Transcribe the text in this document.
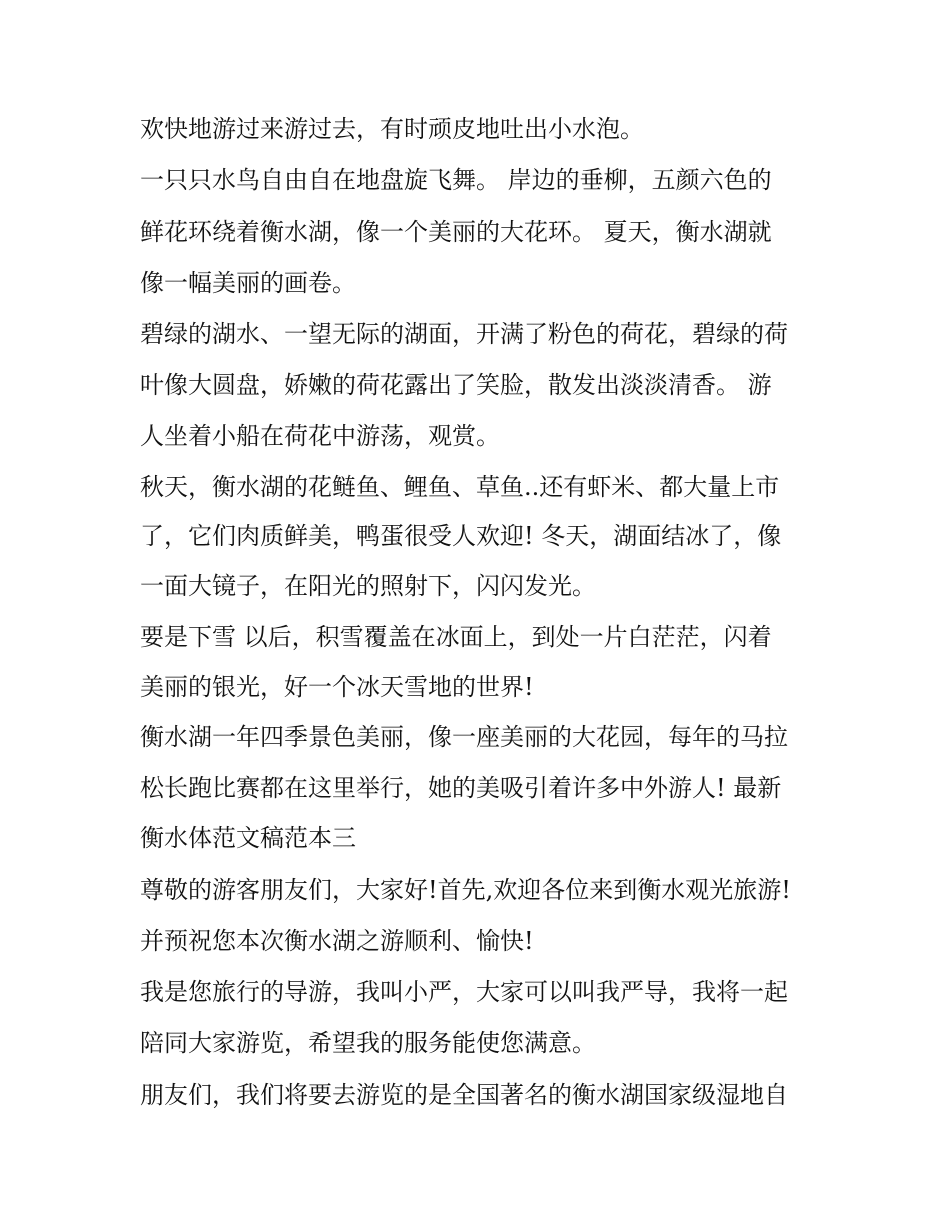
欢快地游过来游过去，有时顽皮地吐出小水泡。
一只只水鸟自由自在地盘旋飞舞。 岸边的垂柳，五颜六色的
鲜花环绕着衡水湖，像一个美丽的大花环。 夏天，衡水湖就
像一幅美丽的画卷。
碧绿的湖水、一望无际的湖面，开满了粉色的荷花，碧绿的荷
叶像大圆盘，娇嫩的荷花露出了笑脸，散发出淡淡清香。 游
人坐着小船在荷花中游荡，观赏。
秋天，衡水湖的花鲢鱼、鲤鱼、草鱼..还有虾米、都大量上市
了，它们肉质鲜美，鸭蛋很受人欢迎! 冬天，湖面结冰了，像
一面大镜子，在阳光的照射下，闪闪发光。
要是下雪 以后，积雪覆盖在冰面上，到处一片白茫茫，闪着
美丽的银光，好一个冰天雪地的世界!
衡水湖一年四季景色美丽，像一座美丽的大花园，每年的马拉
松长跑比赛都在这里举行，她的美吸引着许多中外游人! 最新
衡水体范文稿范本三
尊敬的游客朋友们，大家好!首先,欢迎各位来到衡水观光旅游!
并预祝您本次衡水湖之游顺利、愉快!
我是您旅行的导游，我叫小严，大家可以叫我严导，我将一起
陪同大家游览，希望我的服务能使您满意。
朋友们，我们将要去游览的是全国著名的衡水湖国家级湿地自
